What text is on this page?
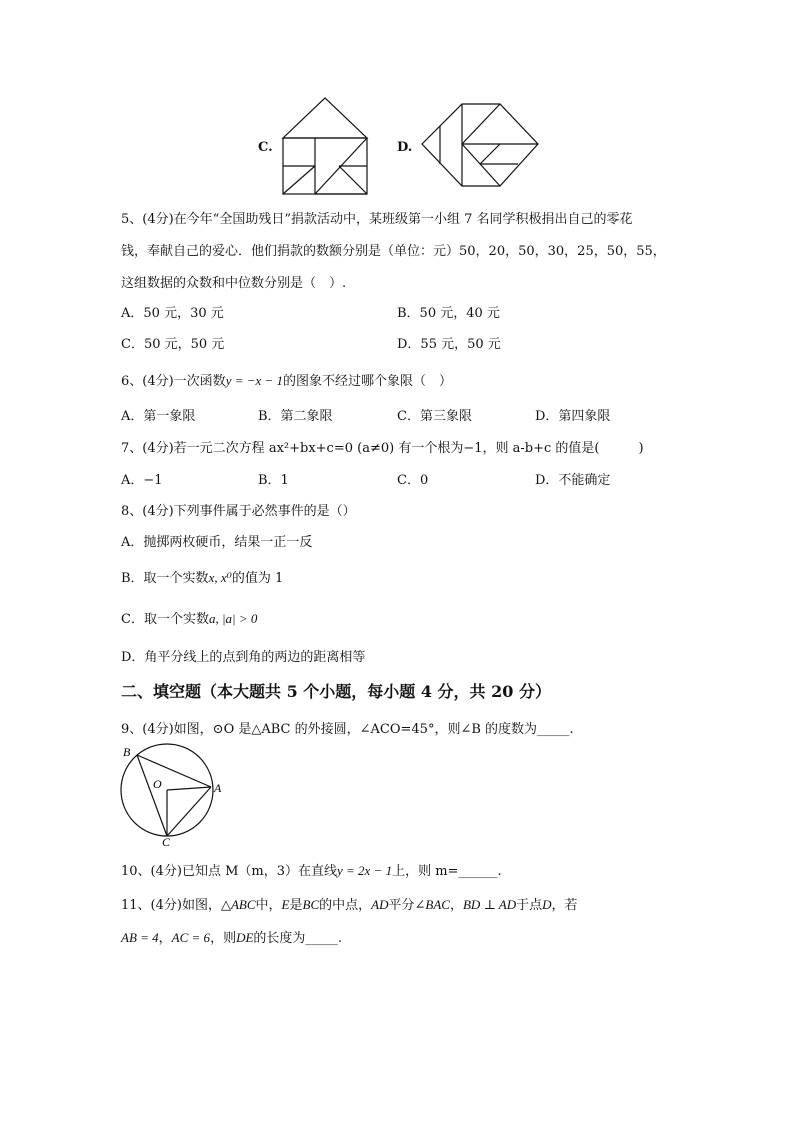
C.	D.
5、(4分)在今年“全国助残日”捐款活动中，某班级第一小组 7 名同学积极捐出自己的零花
钱，奉献自己的爱心．他们捐款的数额分别是（单位：元）50，20，50，30，25，50，55，
这组数据的众数和中位数分别是（　）.
A．50 元，30 元	B．50 元，40 元
C．50 元，50 元	D．55 元，50 元
6、(4分)一次函数y = −x − 1的图象不经过哪个象限（　）
A．第一象限	B．第二象限	C．第三象限	D．第四象限
7、(4分)若一元二次方程 ax²+bx+c=0 (a≠0) 有一个根为−1，则 a-b+c 的值是(　　　)
A．−1	B．1	C．0	D．不能确定
8、(4分)下列事件属于必然事件的是（）
A．抛掷两枚硬币，结果一正一反
B．取一个实数x, x⁰的值为 1
C．取一个实数a, |a| > 0
D．角平分线上的点到角的两边的距离相等
二、填空题（本大题共 5 个小题，每小题 4 分，共 20 分）
9、(4分)如图，⊙O 是△ABC 的外接圆，∠ACO=45°，则∠B 的度数为_____.
B
O	A
C
10、(4分)已知点 M（m，3）在直线y = 2x − 1上，则 m=______.
11、(4分)如图，△ABC中，E是BC的中点，AD平分∠BAC，BD ⊥ AD于点D，若
AB = 4，AC = 6，则DE的长度为_____.
